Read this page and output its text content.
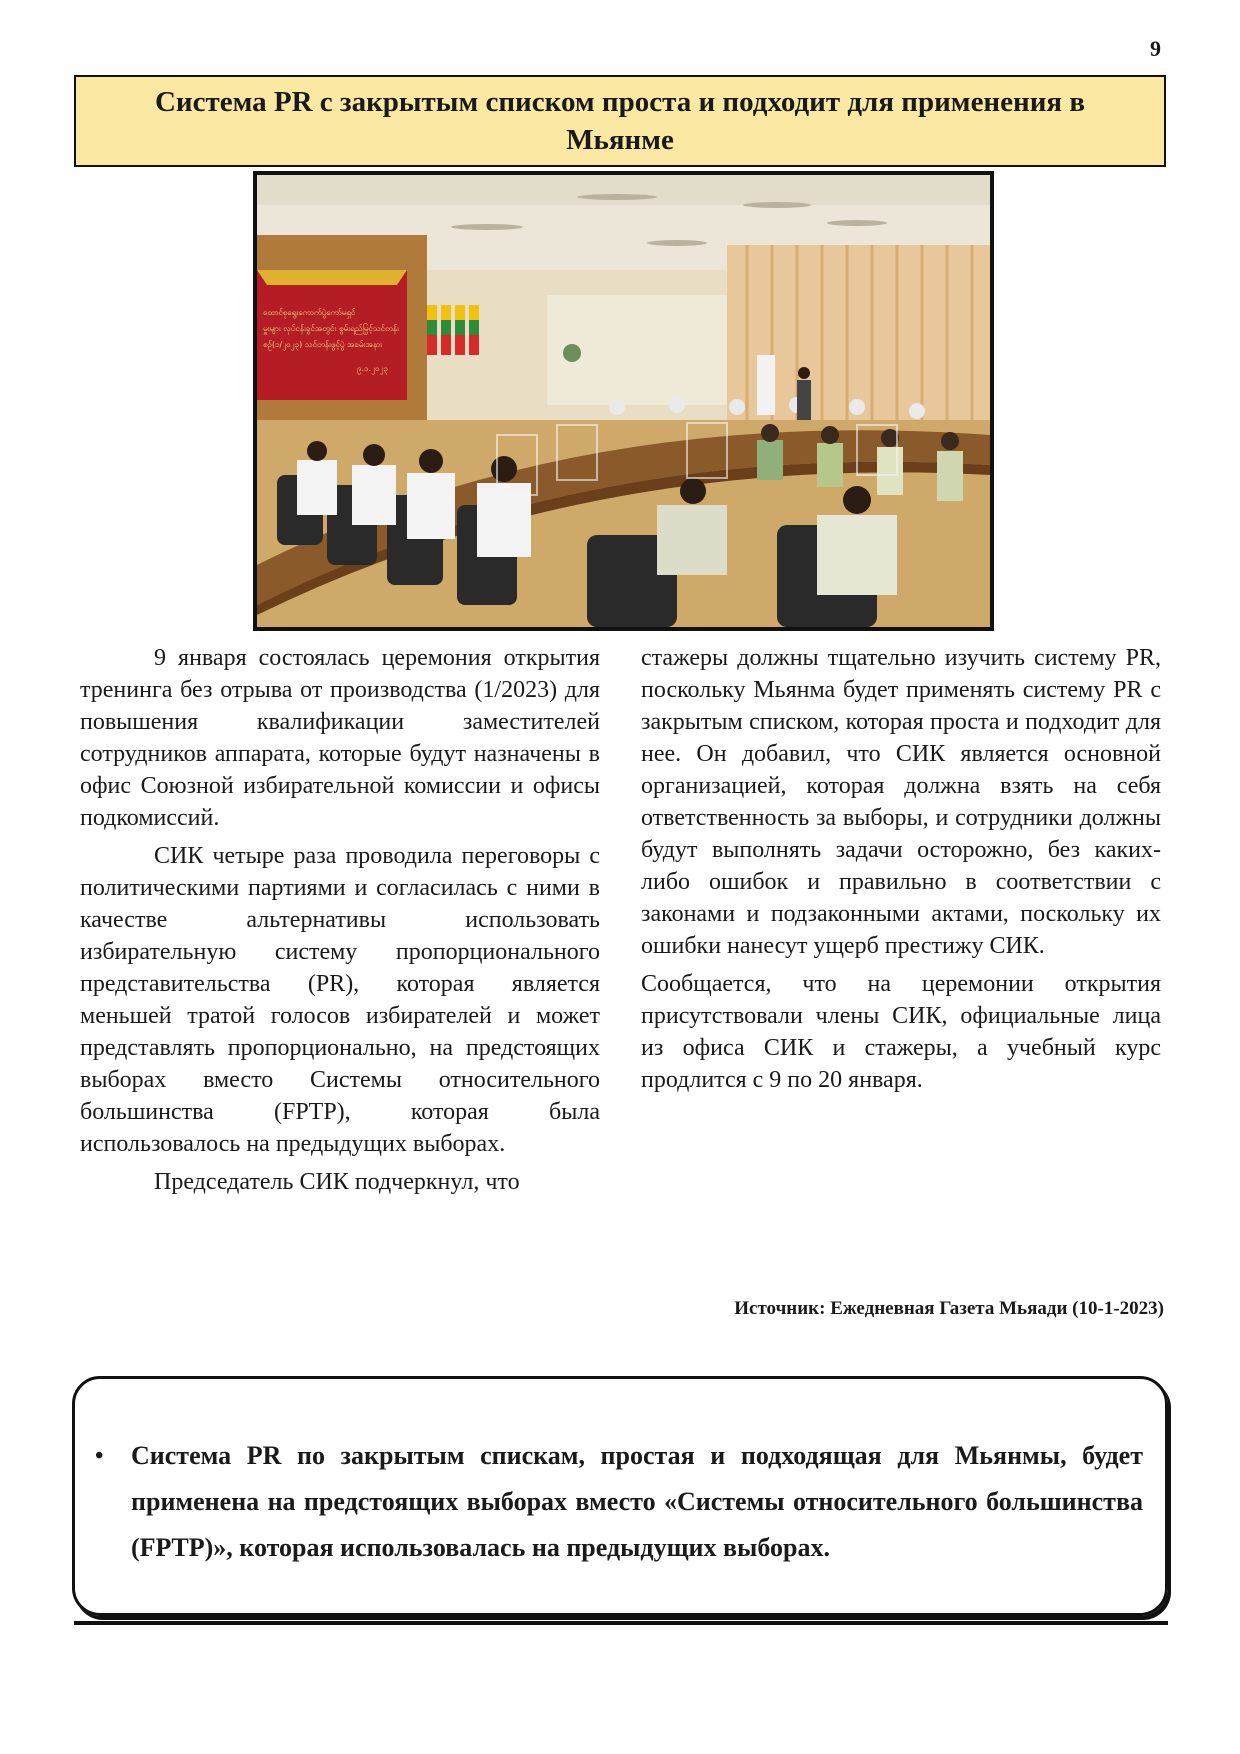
9
Система PR с закрытым списком проста и подходит для применения в
Мьянме
ထောင်စုရွေးကောက်ပွဲကော်မရှင်
မှူးများ လုပ်ငန်းခွင်အတွင်း စွမ်းရည်မြှင့်သင်တန်း
စဉ်(၁/၂၀၂၃) သင်တန်းဖွင့်ပွဲ အခမ်းအနား
၉.၁.၂၀၂၃

9 января состоялась церемония открытия тренинга без отрыва от производства (1/2023) для повышения квалификации заместителей сотрудников аппарата, которые будут назначены в офис Союзной избирательной комиссии и офисы подкомиссий.

СИК четыре раза проводила переговоры с политическими партиями и согласилась с ними в качестве альтернативы использовать избирательную систему пропорционального представительства (PR), которая является меньшей тратой голосов избирателей и может представлять пропорционально, на предстоящих выборах вместо Системы относительного большинства (FPTP), которая была использовалось на предыдущих выборах.

Председатель СИК подчеркнул, что

стажеры должны тщательно изучить систему PR, поскольку Мьянма будет применять систему PR с закрытым списком, которая проста и подходит для нее. Он добавил, что СИК является основной организацией, которая должна взять на себя ответственность за выборы, и сотрудники должны будут выполнять задачи осторожно, без каких-либо ошибок и правильно в соответствии с законами и подзаконными актами, поскольку их ошибки нанесут ущерб престижу СИК.

Сообщается, что на церемонии открытия присутствовали члены СИК, официальные лица из офиса СИК и стажеры, а учебный курс продлится с 9 по 20 января.

Источник: Ежедневная Газета Мьяади (10-1-2023)
• Система PR по закрытым спискам, простая и подходящая для Мьянмы, будет применена на предстоящих выборах вместо «Системы относительного большинства (FPTP)», которая использовалась на предыдущих выборах.
